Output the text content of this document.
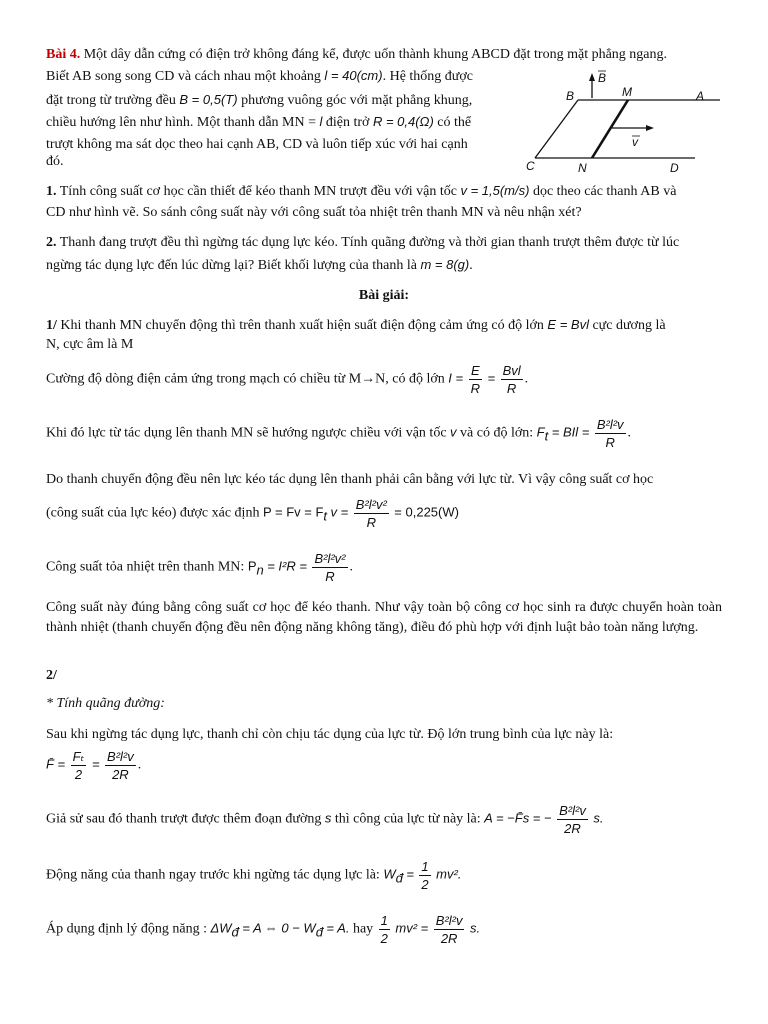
Bài 4. Một dây dẫn cứng có điện trở không đáng kể, được uốn thành khung ABCD đặt trong mặt phẳng ngang.

Biết AB song song CD và cách nhau một khoảng l = 40(cm). Hệ thống được

đặt trong từ trường đều B = 0,5(T) phương vuông góc với mặt phẳng khung,

chiều hướng lên như hình. Một thanh dẫn MN = l điện trở R = 0,4(Ω) có thể

trượt không ma sát dọc theo hai cạnh AB, CD và luôn tiếp xúc với hai cạnh

đó.

B
v
B	M	A
C	N	D

1. Tính công suất cơ học cần thiết để kéo thanh MN trượt đều với vận tốc v = 1,5(m/s) dọc theo các thanh AB và

CD như hình vẽ. So sánh công suất này với công suất tỏa nhiệt trên thanh MN và nêu nhận xét?

2. Thanh đang trượt đều thì ngừng tác dụng lực kéo. Tính quãng đường và thời gian thanh trượt thêm được từ lúc

ngừng tác dụng lực đến lúc dừng lại? Biết khối lượng của thanh là m = 8(g).

Bài giải:

1/ Khi thanh MN chuyển động thì trên thanh xuất hiện suất điện động cảm ứng có độ lớn E = Bvl cực dương là

N, cực âm là M

Cường độ dòng điện cảm ứng trong mạch có chiều từ M→N, có độ lớn $I = \frac{E}{R} = \frac{\text{Bvl}}{R}$ .

Khi đó lực từ tác dụng lên thanh MN sẽ hướng ngược chiều với vận tốc v và có độ lớn: $F_t$ = BIl = $\frac{\text{B²l²v}}{R}$ .

Do thanh chuyển động đều nên lực kéo tác dụng lên thanh phải cân bằng với lực từ. Vì vậy công suất cơ học

(công suất của lực kéo) được xác định $P = Fv = F_t$ $v = \frac{\text{B²l²v²}}{R} = 0,225(W)$

Công suất tỏa nhiệt trên thanh MN: $P_n = I^2R = \frac{\text{B²l²v²}}{R}$ .

Công suất này đúng bằng công suất cơ học để kéo thanh. Như vậy toàn bộ công cơ học sinh ra được chuyển hoàn toàn thành nhiệt (thanh chuyển động đều nên động năng không tăng), điều đó phù hợp với định luật bảo toàn năng lượng.

2/

* Tính quãng đường:

Sau khi ngừng tác dụng lực, thanh chỉ còn chịu tác dụng của lực từ. Độ lớn trung bình của lực này là:

F̄ = $\frac{\text{Fₜ}}{2} = \frac{\text{B²l²v}}{2R}$ .

Giả sử sau đó thanh trượt được thêm đoạn đường s thì công của lực từ này là: A = −F̄s = − $\frac{\text{B²l²v}}{2R} s$.

Động năng của thanh ngay trước khi ngừng tác dụng lực là: $W_đ = \frac{1}{2} mv^2$.

Áp dụng định lý động năng : $\Delta W_đ = A$ ⇔ $0 - W_đ = A$. hay $\frac{1}{2} mv^2 = \frac{\text{B²l²v}}{2R} s$.
